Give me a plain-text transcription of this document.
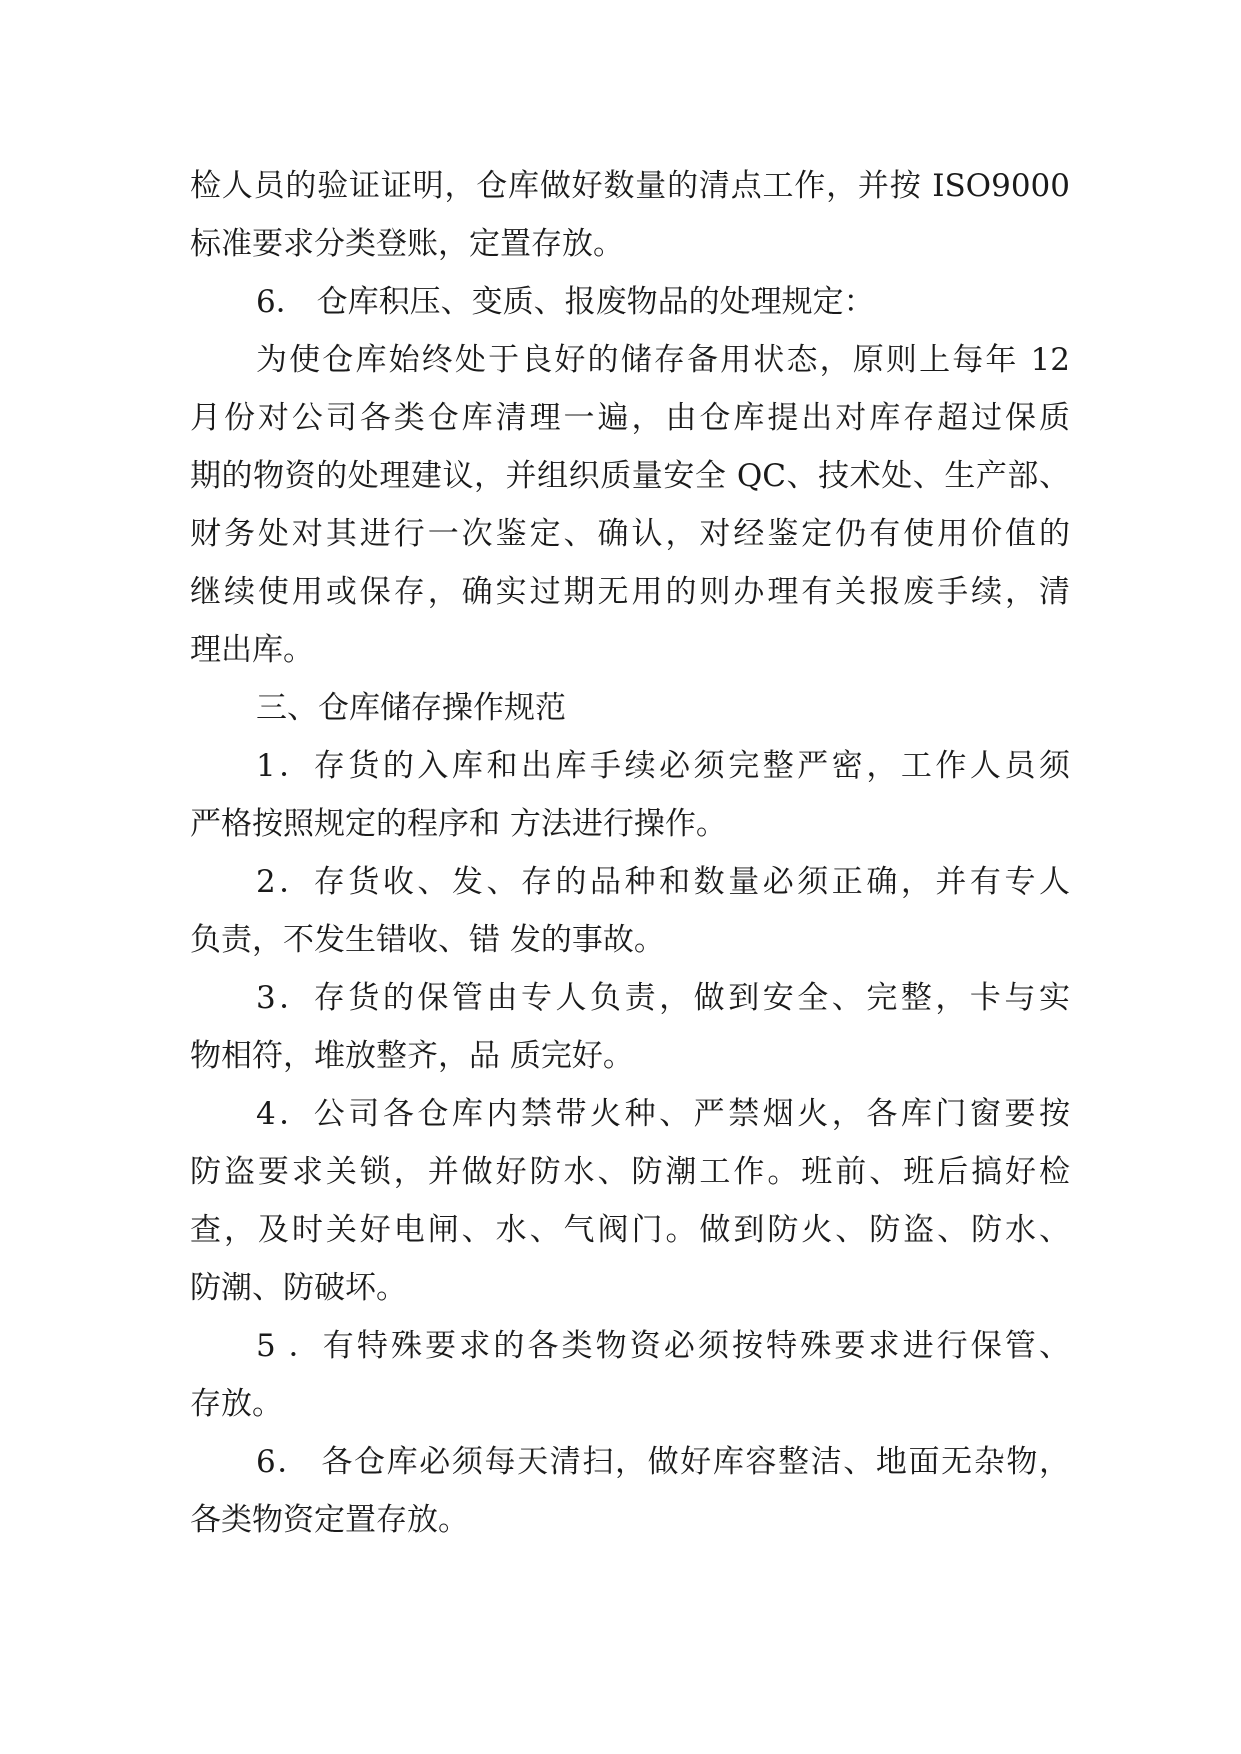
检人员的验证证明，仓库做好数量的清点工作，并按 ISO9000
标准要求分类登账，定置存放。
6． 仓库积压、变质、报废物品的处理规定：
为使仓库始终处于良好的储存备用状态，原则上每年 12
月份对公司各类仓库清理一遍，由仓库提出对库存超过保质
期的物资的处理建议，并组织质量安全 QC、技术处、生产部、
财务处对其进行一次鉴定、确认，对经鉴定仍有使用价值的
继续使用或保存，确实过期无用的则办理有关报废手续，清
理出库。
三、仓库储存操作规范
1．存货的入库和出库手续必须完整严密，工作人员须
严格按照规定的程序和 方法进行操作。
2．存货收、发、存的品种和数量必须正确，并有专人
负责，不发生错收、错 发的事故。
3．存货的保管由专人负责，做到安全、完整，卡与实
物相符，堆放整齐，品 质完好。
4．公司各仓库内禁带火种、严禁烟火，各库门窗要按
防盗要求关锁，并做好防水、防潮工作。班前、班后搞好检
查，及时关好电闸、水、气阀门。做到防火、防盗、防水、
防潮、防破坏。
5 ．有特殊要求的各类物资必须按特殊要求进行保管、
存放。
6． 各仓库必须每天清扫，做好库容整洁、地面无杂物，
各类物资定置存放。
